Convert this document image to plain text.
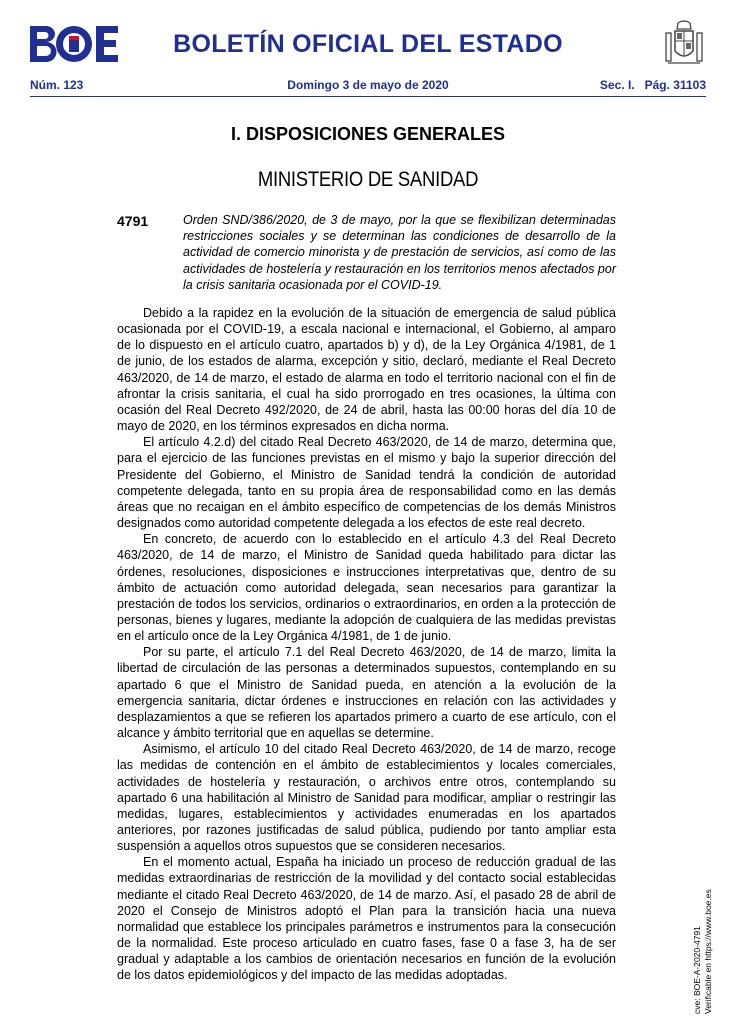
BOLETÍN OFICIAL DEL ESTADO
Núm. 123	Domingo 3 de mayo de 2020	Sec. I.   Pág. 31103
I. DISPOSICIONES GENERALES
MINISTERIO DE SANIDAD
4791	Orden SND/386/2020, de 3 de mayo, por la que se flexibilizan determinadas restricciones sociales y se determinan las condiciones de desarrollo de la actividad de comercio minorista y de prestación de servicios, así como de las actividades de hostelería y restauración en los territorios menos afectados por la crisis sanitaria ocasionada por el COVID-19.

Debido a la rapidez en la evolución de la situación de emergencia de salud pública ocasionada por el COVID-19, a escala nacional e internacional, el Gobierno, al amparo de lo dispuesto en el artículo cuatro, apartados b) y d), de la Ley Orgánica 4/1981, de 1 de junio, de los estados de alarma, excepción y sitio, declaró, mediante el Real Decreto 463/2020, de 14 de marzo, el estado de alarma en todo el territorio nacional con el fin de afrontar la crisis sanitaria, el cual ha sido prorrogado en tres ocasiones, la última con ocasión del Real Decreto 492/2020, de 24 de abril, hasta las 00:00 horas del día 10 de mayo de 2020, en los términos expresados en dicha norma.

El artículo 4.2.d) del citado Real Decreto 463/2020, de 14 de marzo, determina que, para el ejercicio de las funciones previstas en el mismo y bajo la superior dirección del Presidente del Gobierno, el Ministro de Sanidad tendrá la condición de autoridad competente delegada, tanto en su propia área de responsabilidad como en las demás áreas que no recaigan en el ámbito específico de competencias de los demás Ministros designados como autoridad competente delegada a los efectos de este real decreto.

En concreto, de acuerdo con lo establecido en el artículo 4.3 del Real Decreto 463/2020, de 14 de marzo, el Ministro de Sanidad queda habilitado para dictar las órdenes, resoluciones, disposiciones e instrucciones interpretativas que, dentro de su ámbito de actuación como autoridad delegada, sean necesarios para garantizar la prestación de todos los servicios, ordinarios o extraordinarios, en orden a la protección de personas, bienes y lugares, mediante la adopción de cualquiera de las medidas previstas en el artículo once de la Ley Orgánica 4/1981, de 1 de junio.

Por su parte, el artículo 7.1 del Real Decreto 463/2020, de 14 de marzo, limita la libertad de circulación de las personas a determinados supuestos, contemplando en su apartado 6 que el Ministro de Sanidad pueda, en atención a la evolución de la emergencia sanitaria, dictar órdenes e instrucciones en relación con las actividades y desplazamientos a que se refieren los apartados primero a cuarto de ese artículo, con el alcance y ámbito territorial que en aquellas se determine.

Asimismo, el artículo 10 del citado Real Decreto 463/2020, de 14 de marzo, recoge las medidas de contención en el ámbito de establecimientos y locales comerciales, actividades de hostelería y restauración, o archivos entre otros, contemplando su apartado 6 una habilitación al Ministro de Sanidad para modificar, ampliar o restringir las medidas, lugares, establecimientos y actividades enumeradas en los apartados anteriores, por razones justificadas de salud pública, pudiendo por tanto ampliar esta suspensión a aquellos otros supuestos que se consideren necesarios.

En el momento actual, España ha iniciado un proceso de reducción gradual de las medidas extraordinarias de restricción de la movilidad y del contacto social establecidas mediante el citado Real Decreto 463/2020, de 14 de marzo. Así, el pasado 28 de abril de 2020 el Consejo de Ministros adoptó el Plan para la transición hacia una nueva normalidad que establece los principales parámetros e instrumentos para la consecución de la normalidad. Este proceso articulado en cuatro fases, fase 0 a fase 3, ha de ser gradual y adaptable a los cambios de orientación necesarios en función de la evolución de los datos epidemiológicos y del impacto de las medidas adoptadas.	cve: BOE-A-2020-4791 Verificable en https://www.boe.es
